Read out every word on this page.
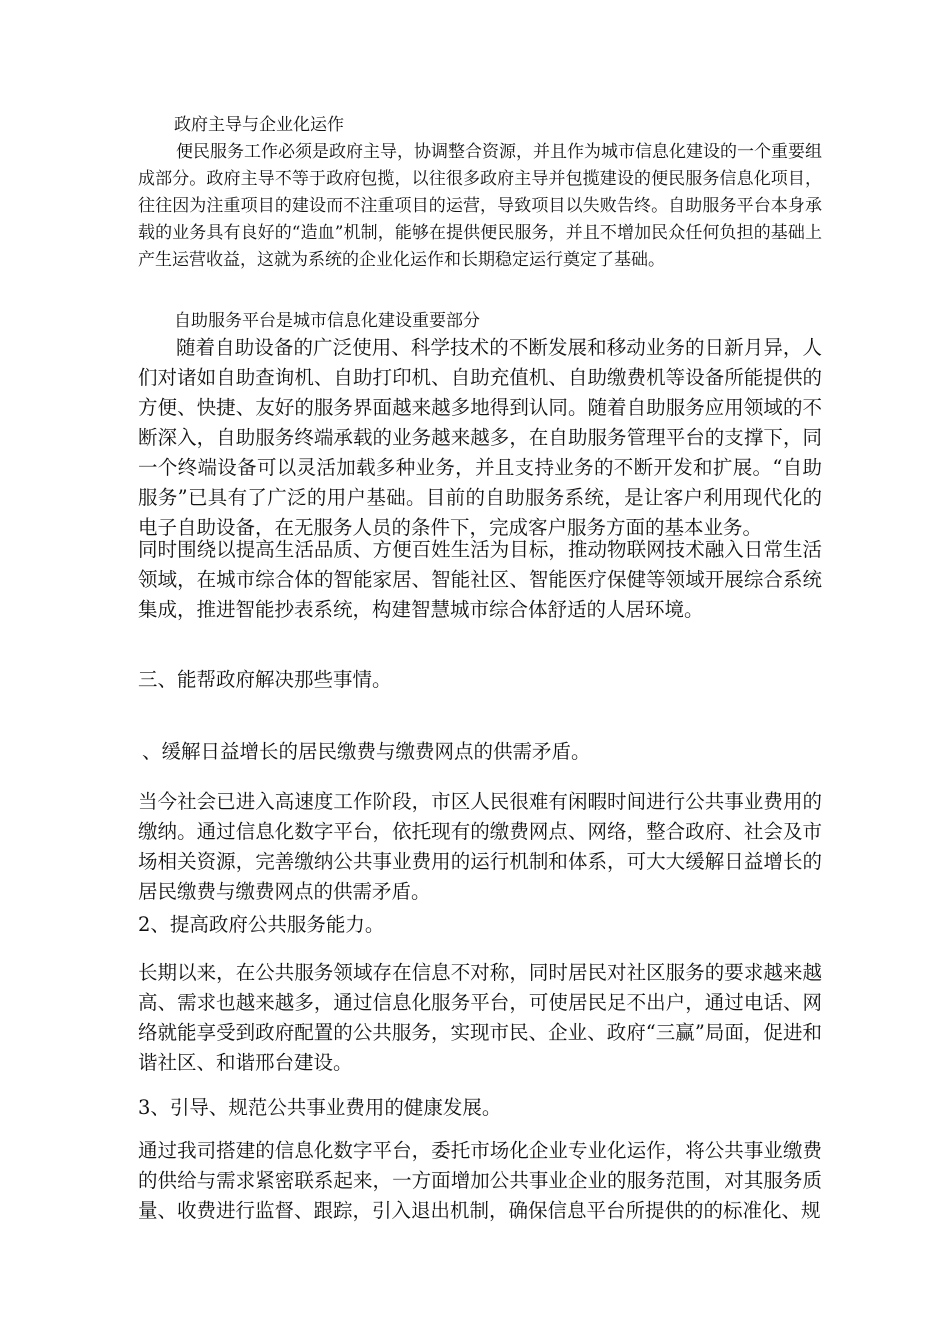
政府主导与企业化运作

便民服务工作必须是政府主导，协调整合资源，并且作为城市信息化建设的一个重要组成部分。政府主导不等于政府包揽，以往很多政府主导并包揽建设的便民服务信息化项目，往往因为注重项目的建设而不注重项目的运营，导致项目以失败告终。自助服务平台本身承载的业务具有良好的“造血”机制，能够在提供便民服务，并且不增加民众任何负担的基础上产生运营收益，这就为系统的企业化运作和长期稳定运行奠定了基础。

自助服务平台是城市信息化建设重要部分

随着自助设备的广泛使用、科学技术的不断发展和移动业务的日新月异，人们对诸如自助查询机、自助打印机、自助充值机、自助缴费机等设备所能提供的方便、快捷、友好的服务界面越来越多地得到认同。随着自助服务应用领域的不断深入，自助服务终端承载的业务越来越多，在自助服务管理平台的支撑下，同一个终端设备可以灵活加载多种业务，并且支持业务的不断开发和扩展。“自助服务”已具有了广泛的用户基础。目前的自助服务系统，是让客户利用现代化的电子自助设备，在无服务人员的条件下，完成客户服务方面的基本业务。

同时围绕以提高生活品质、方便百姓生活为目标，推动物联网技术融入日常生活领域，在城市综合体的智能家居、智能社区、智能医疗保健等领域开展综合系统集成，推进智能抄表系统，构建智慧城市综合体舒适的人居环境。

三、能帮政府解决那些事情。
、缓解日益增长的居民缴费与缴费网点的供需矛盾。

当今社会已进入高速度工作阶段，市区人民很难有闲暇时间进行公共事业费用的缴纳。通过信息化数字平台，依托现有的缴费网点、网络，整合政府、社会及市场相关资源，完善缴纳公共事业费用的运行机制和体系，可大大缓解日益增长的居民缴费与缴费网点的供需矛盾。

2、提高政府公共服务能力。

长期以来，在公共服务领域存在信息不对称，同时居民对社区服务的要求越来越高、需求也越来越多，通过信息化服务平台，可使居民足不出户，通过电话、网络就能享受到政府配置的公共服务，实现市民、企业、政府“三赢”局面，促进和谐社区、和谐邢台建设。

3、引导、规范公共事业费用的健康发展。

通过我司搭建的信息化数字平台，委托市场化企业专业化运作，将公共事业缴费的供给与需求紧密联系起来，一方面增加公共事业企业的服务范围，对其服务质量、收费进行监督、跟踪，引入退出机制，确保信息平台所提供的的标准化、规
